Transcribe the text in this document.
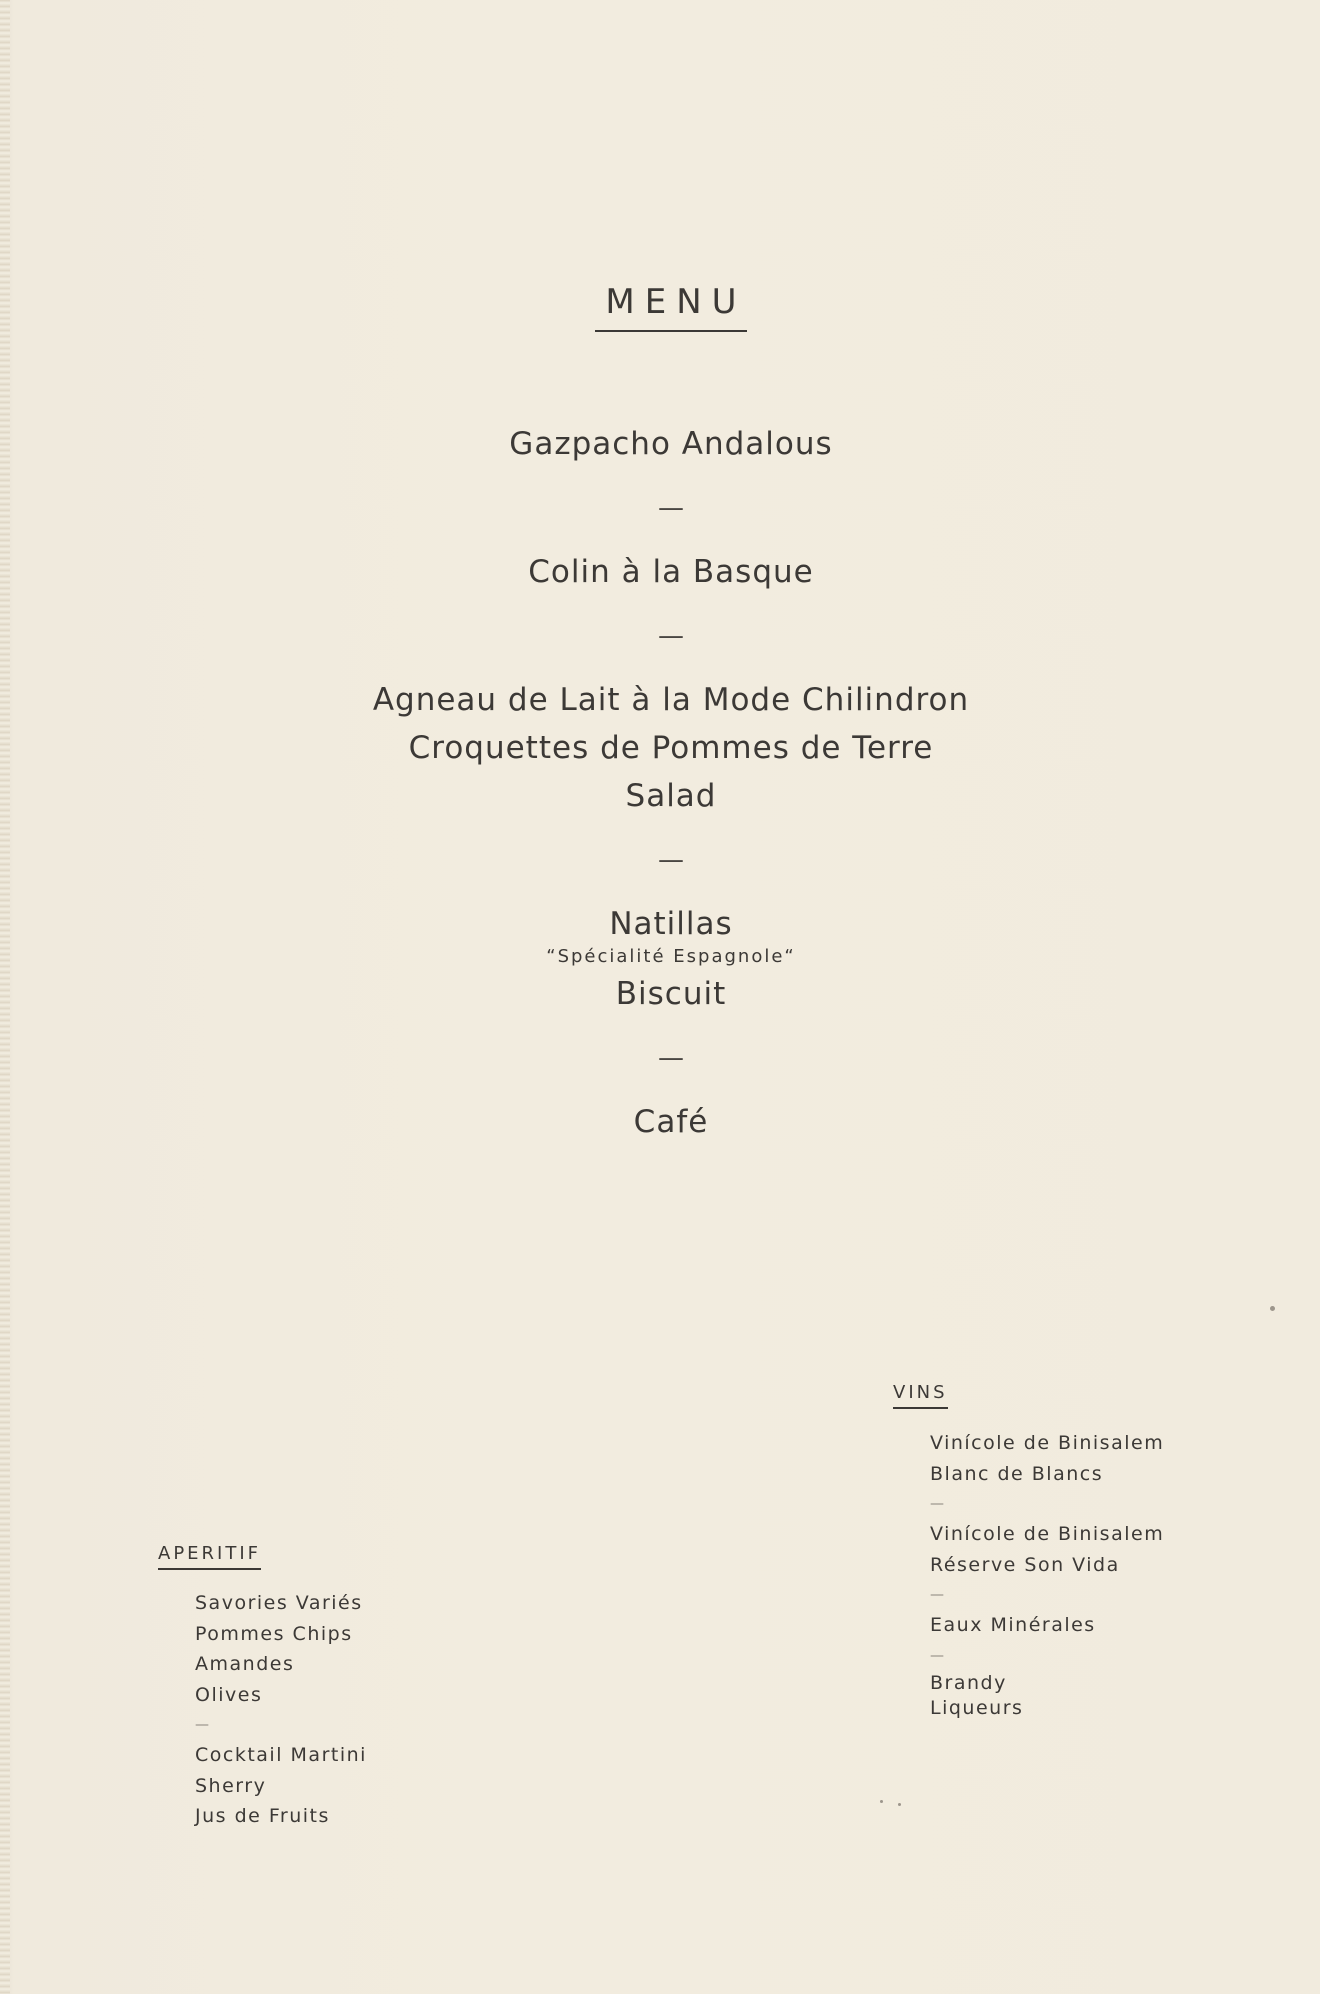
MENU

Gazpacho Andalous

—

Colin à la Basque

—

Agneau de Lait à la Mode Chilindron

Croquettes de Pommes de Terre

Salad

—

Natillas

“Spécialité Espagnole“

Biscuit

—

Café

VINS

Vinícole de Binisalem

Blanc de Blancs

—

Vinícole de Binisalem

Réserve Son Vida

—

Eaux Minérales

—

Brandy

Liqueurs

APERITIF

Savories Variés

Pommes Chips

Amandes

Olives

—

Cocktail Martini

Sherry

Jus de Fruits
